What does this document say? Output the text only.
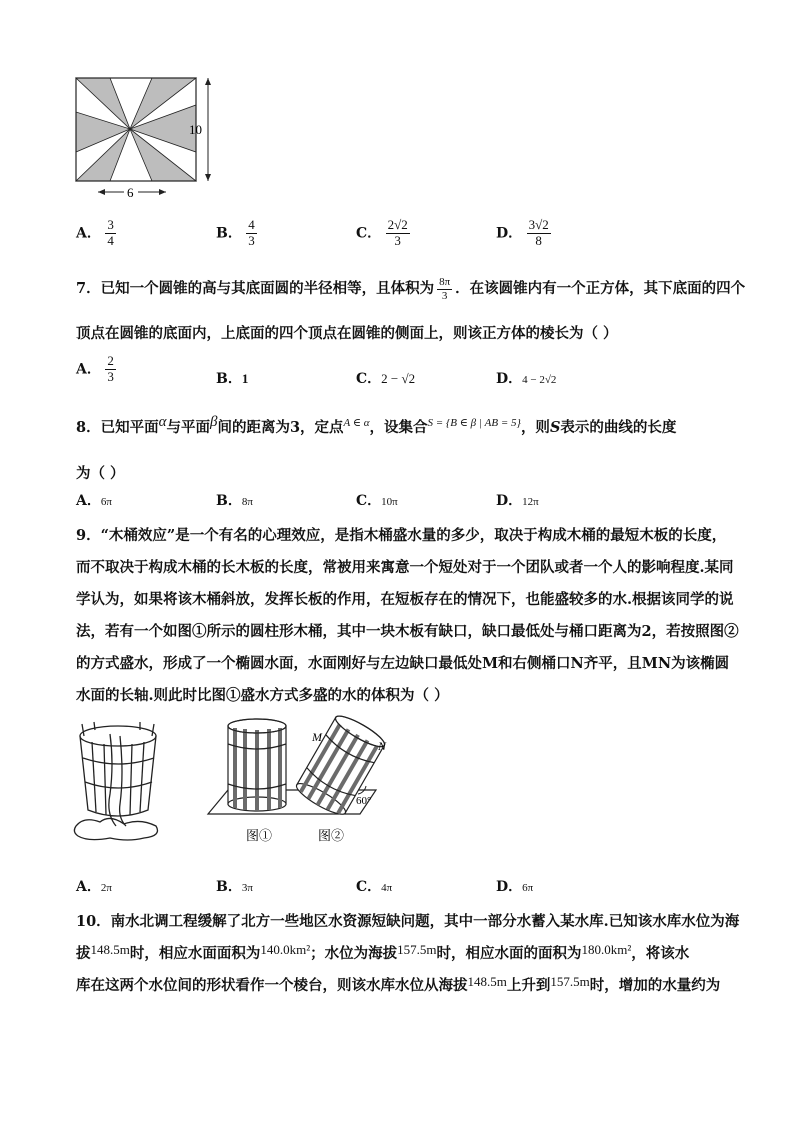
10
6
A． $\frac{3}{4}$	B． $\frac{4}{3}$	C． $\frac{2√2}{3}$	D． $\frac{3√2}{8}$
7．已知一个圆锥的高与其底面圆的半径相等，且体积为 $\frac{8\pi}{3}$ ．在该圆锥内有一个正方体，其下底面的四个
顶点在圆锥的底面内，上底面的四个顶点在圆锥的侧面上，则该正方体的棱长为（ ）
A． $\frac{2}{3}$	B．1	C．2 − √2	D．4 − 2√2
8．已知平面α与平面β间的距离为3，定点$^{A \in \alpha}$，设集合$^{S = \{B \in \beta | AB = 5\}}$，则S表示的曲线的长度
为（ ）
A．6π	B．8π	C．10π	D．12π
9．“木桶效应”是一个有名的心理效应，是指木桶盛水量的多少，取决于构成木桶的最短木板的长度，
而不取决于构成木桶的长木板的长度，常被用来寓意一个短处对于一个团队或者一个人的影响程度.某同
学认为，如果将该木桶斜放，发挥长板的作用，在短板存在的情况下，也能盛较多的水.根据该同学的说
法，若有一个如图①所示的圆柱形木桶，其中一块木板有缺口，缺口最低处与桶口距离为2，若按照图②
的方式盛水，形成了一个椭圆水面，水面刚好与左边缺口最低处M和右侧桶口N齐平，且MN为该椭圆
水面的长轴.则此时比图①盛水方式多盛的水的体积为（ ）
M
N
60°
图①	图②
A．2π	B．3π	C．4π	D．6π
10．南水北调工程缓解了北方一些地区水资源短缺问题，其中一部分水蓄入某水库.已知该水库水位为海
拔148.5m时，相应水面面积为140.0km²；水位为海拔157.5m时，相应水面的面积为180.0km²，将该水
库在这两个水位间的形状看作一个棱台，则该水库水位从海拔148.5m上升到157.5m时，增加的水量约为
